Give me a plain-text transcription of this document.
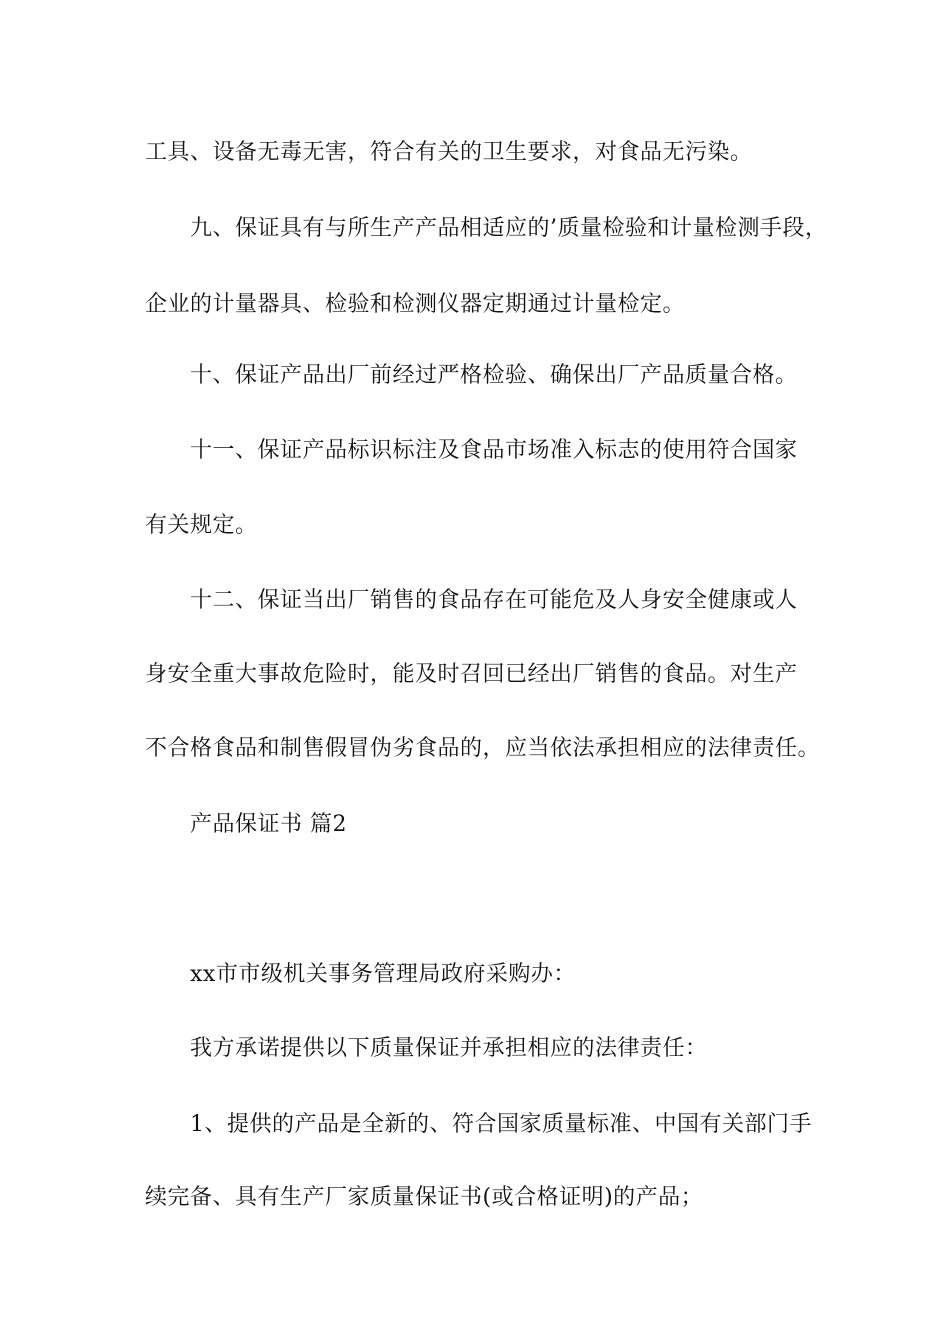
工具、设备无毒无害，符合有关的卫生要求，对食品无污染。
九、保证具有与所生产产品相适应的’质量检验和计量检测手段，
企业的计量器具、检验和检测仪器定期通过计量检定。
十、保证产品出厂前经过严格检验、确保出厂产品质量合格。
十一、保证产品标识标注及食品市场准入标志的使用符合国家
有关规定。
十二、保证当出厂销售的食品存在可能危及人身安全健康或人
身安全重大事故危险时，能及时召回已经出厂销售的食品。对生产
不合格食品和制售假冒伪劣食品的，应当依法承担相应的法律责任。
产品保证书 篇2
xx市市级机关事务管理局政府采购办：
我方承诺提供以下质量保证并承担相应的法律责任：
1、提供的产品是全新的、符合国家质量标准、中国有关部门手
续完备、具有生产厂家质量保证书(或合格证明)的产品；
